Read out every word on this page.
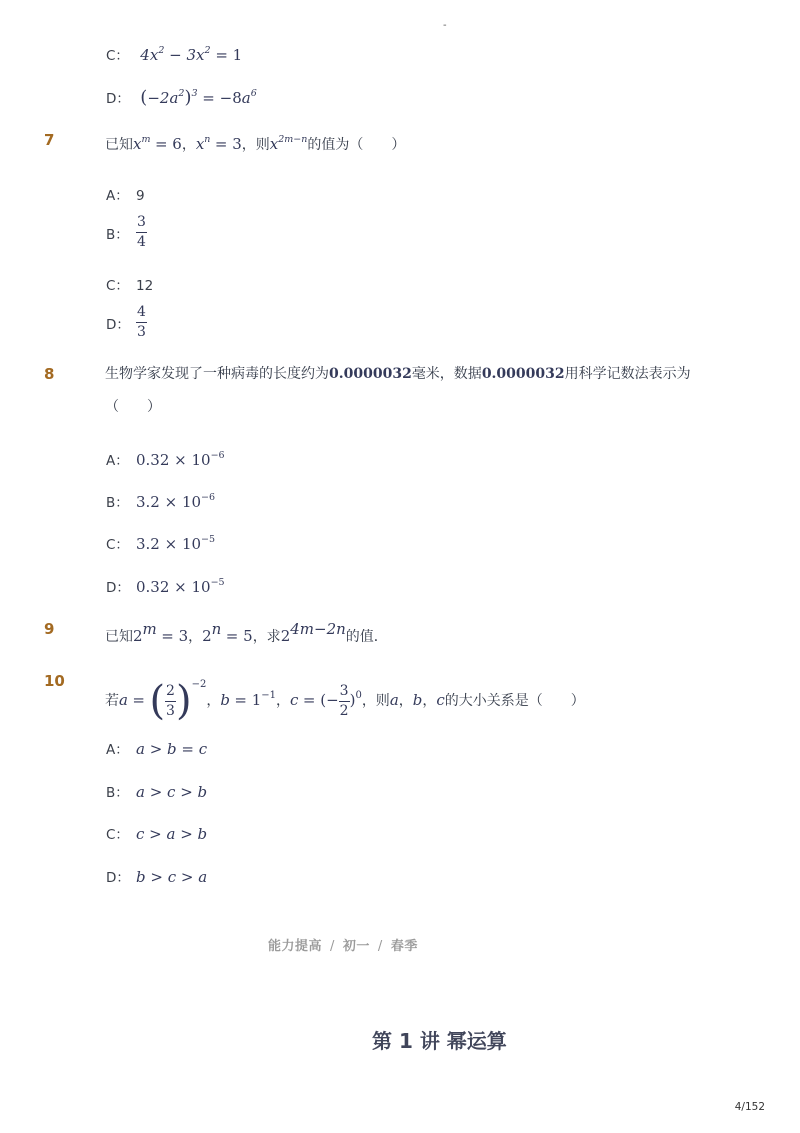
-
C： $4x^2 - 3x^2 = 1$
D： $(-2a^2)^3 = -8a^6$
7	已知$x^m = 6$，$x^n = 3$，则$x^{2m-n}$的值为（　　）
A： 9
B： $\frac{3}{4}$
C： 12
D： $\frac{4}{3}$
8	生物学家发现了一种病毒的长度约为0.0000032毫米，数据0.0000032用科学记数法表示为
（　　）
A： $0.32 \times 10^{-6}$
B： $3.2 \times 10^{-6}$
C： $3.2 \times 10^{-5}$
D： $0.32 \times 10^{-5}$
9	已知$2^m = 3$，$2^n = 5$，求$2^{4m-2n}$的值．
10
若a = ( $\frac{2}{3} )^{-2}$，$b = 1^{-1}$，c = (− $\frac{3}{2} )^0$，则a，b，c的大小关系是（　　）
A： a > b = c
B： a > c > b
C： c > a > b
D： b > c > a
能力提高 / 初一 / 春季
第 1 讲 幂运算
4/152
